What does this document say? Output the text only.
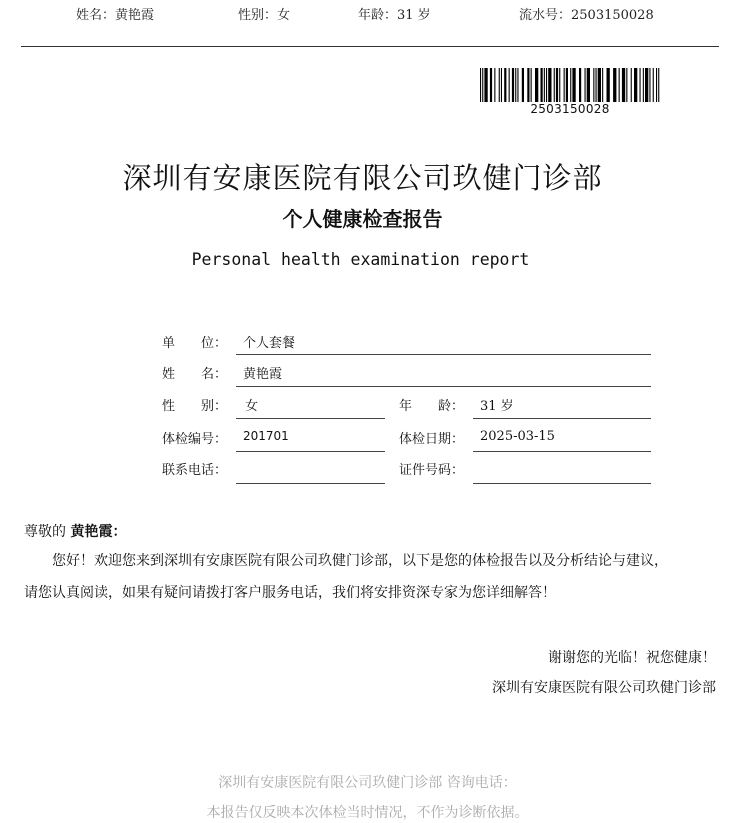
姓名：黄艳霞	性别：女	年龄：31 岁	流水号：2503150028
2503150028
深圳有安康医院有限公司玖健门诊部
个人健康检查报告
Personal health examination report
单　　位： 个人套餐
姓　　名： 黄艳霞
性　　别： 女	年　　龄： 31 岁
体检编号： 201701	体检日期： 2025-03-15
联系电话：	证件号码：
尊敬的 黄艳霞：
您好！欢迎您来到深圳有安康医院有限公司玖健门诊部，以下是您的体检报告以及分析结论与建议，
请您认真阅读，如果有疑问请拨打客户服务电话，我们将安排资深专家为您详细解答！
谢谢您的光临！祝您健康！
深圳有安康医院有限公司玖健门诊部
深圳有安康医院有限公司玖健门诊部 咨询电话：
本报告仅反映本次体检当时情况，不作为诊断依据。
